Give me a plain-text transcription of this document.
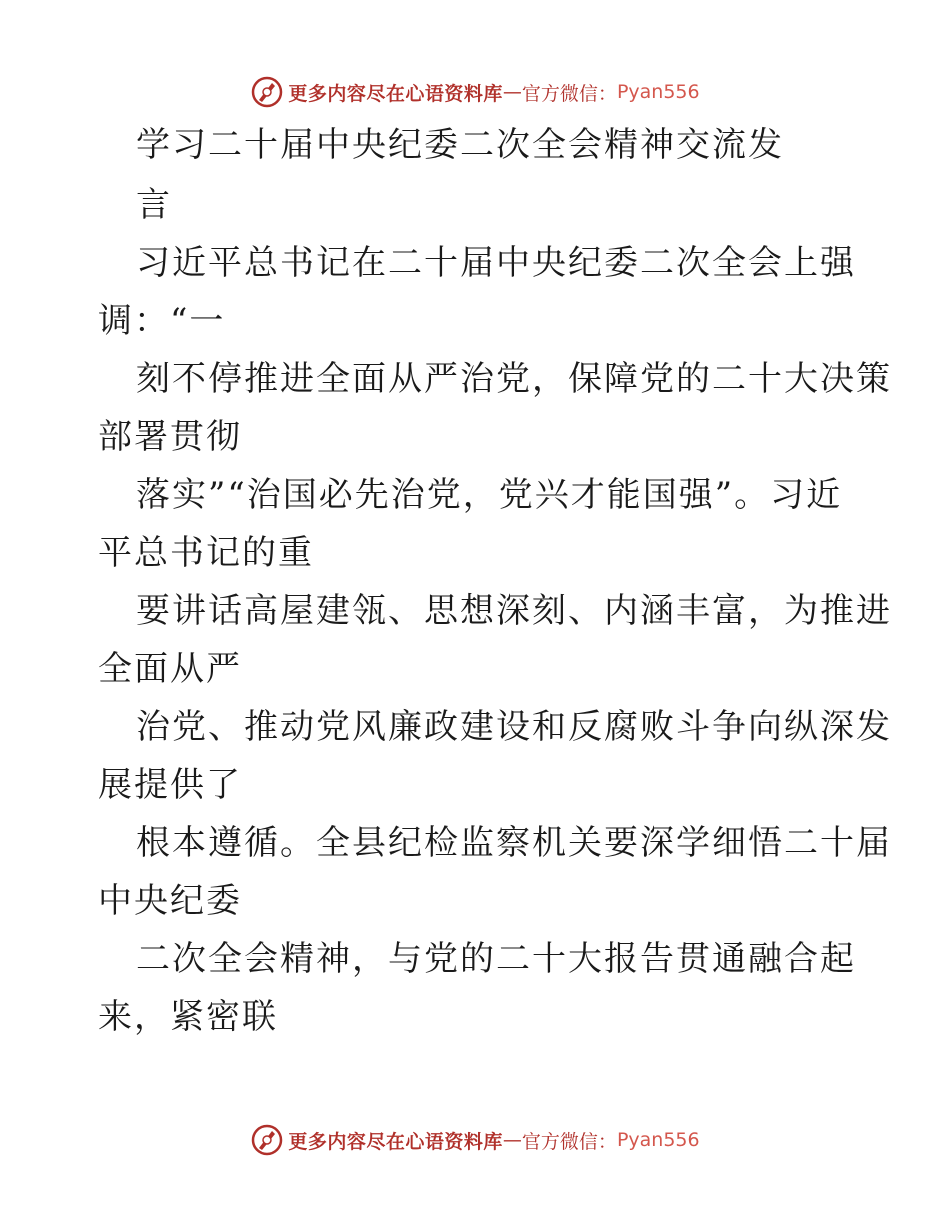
更多内容尽在心语资料库 — 官方微信： Pyan556
学习二十届中央纪委二次全会精神交流发
言
习近平总书记在二十届中央纪委二次全会上强
调：“一
刻不停推进全面从严治党，保障党的二十大决策
部署贯彻
落实”“治国必先治党，党兴才能国强”。习近
平总书记的重
要讲话高屋建瓴、思想深刻、内涵丰富，为推进
全面从严
治党、推动党风廉政建设和反腐败斗争向纵深发
展提供了
根本遵循。全县纪检监察机关要深学细悟二十届
中央纪委
二次全会精神，与党的二十大报告贯通融合起
来，紧密联
更多内容尽在心语资料库 — 官方微信： Pyan556
